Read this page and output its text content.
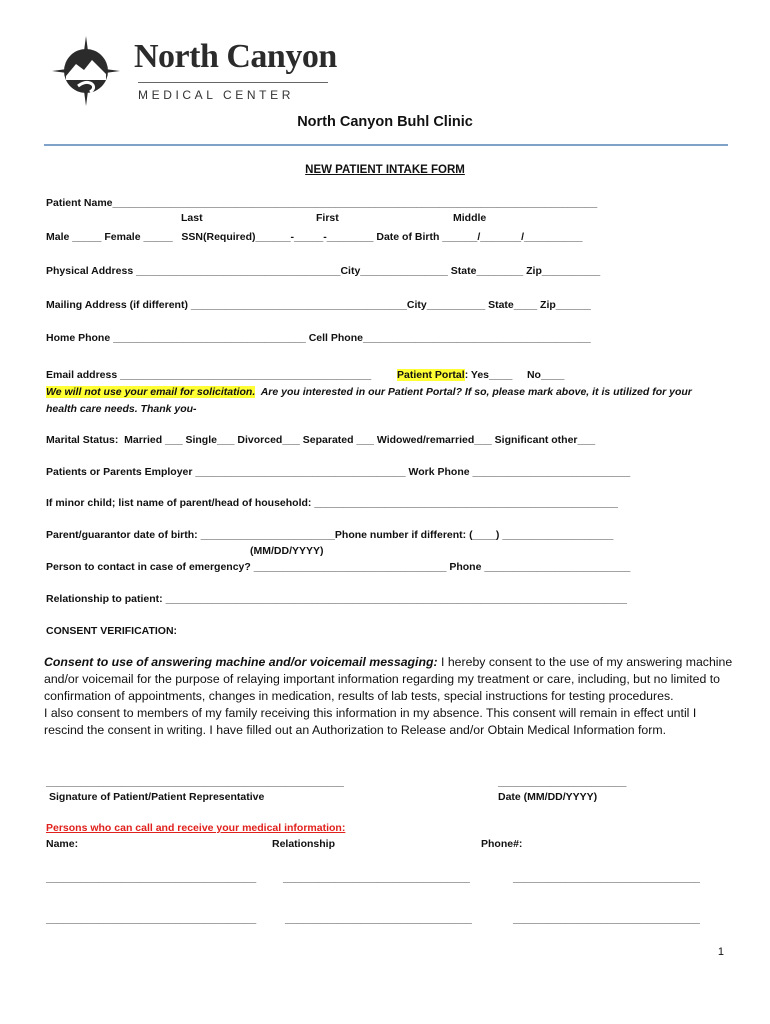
North Canyon
MEDICAL CENTER
North Canyon Buhl Clinic
NEW PATIENT INTAKE FORM
Patient Name___________________________________________________________________________________
Last	First	Middle
Male _____ Female _____   SSN(Required)______-_____-________ Date of Birth ______/_______/__________
Physical Address ___________________________________City_______________ State________ Zip__________
Mailing Address (if different) _____________________________________City__________ State____ Zip______
Home Phone _________________________________ Cell Phone_______________________________________
Email address ___________________________________________ Patient Portal: Yes____     No____
We will not use your email for solicitation.  Are you interested in our Patient Portal? If so, please mark above, it is utilized for your
health care needs. Thank you-
Marital Status:  Married ___ Single___ Divorced___ Separated ___ Widowed/remarried___ Significant other___
Patients or Parents Employer ____________________________________ Work Phone ___________________________
If minor child; list name of parent/head of household: ____________________________________________________
Parent/guarantor date of birth: _______________________Phone number if different: (____) ___________________
(MM/DD/YYYY)
Person to contact in case of emergency? _________________________________ Phone _________________________
Relationship to patient: _______________________________________________________________________________
CONSENT VERIFICATION:
Consent to use of answering machine and/or voicemail messaging: I hereby consent to the use of my answering machine and/or voicemail for the purpose of relaying important information regarding my treatment or care, including, but no limited to confirmation of appointments, changes in medication, results of lab tests, special instructions for testing procedures.
I also consent to members of my family receiving this information in my absence. This consent will remain in effect until I rescind the consent in writing. I have filled out an Authorization to Release and/or Obtain Medical Information form.
___________________________________________________	______________________
Signature of Patient/Patient Representative	Date (MM/DD/YYYY)
Persons who can call and receive your medical information:
Name:	Relationship	Phone#:
____________________________________	________________________________	________________________________
____________________________________	________________________________	________________________________
1
